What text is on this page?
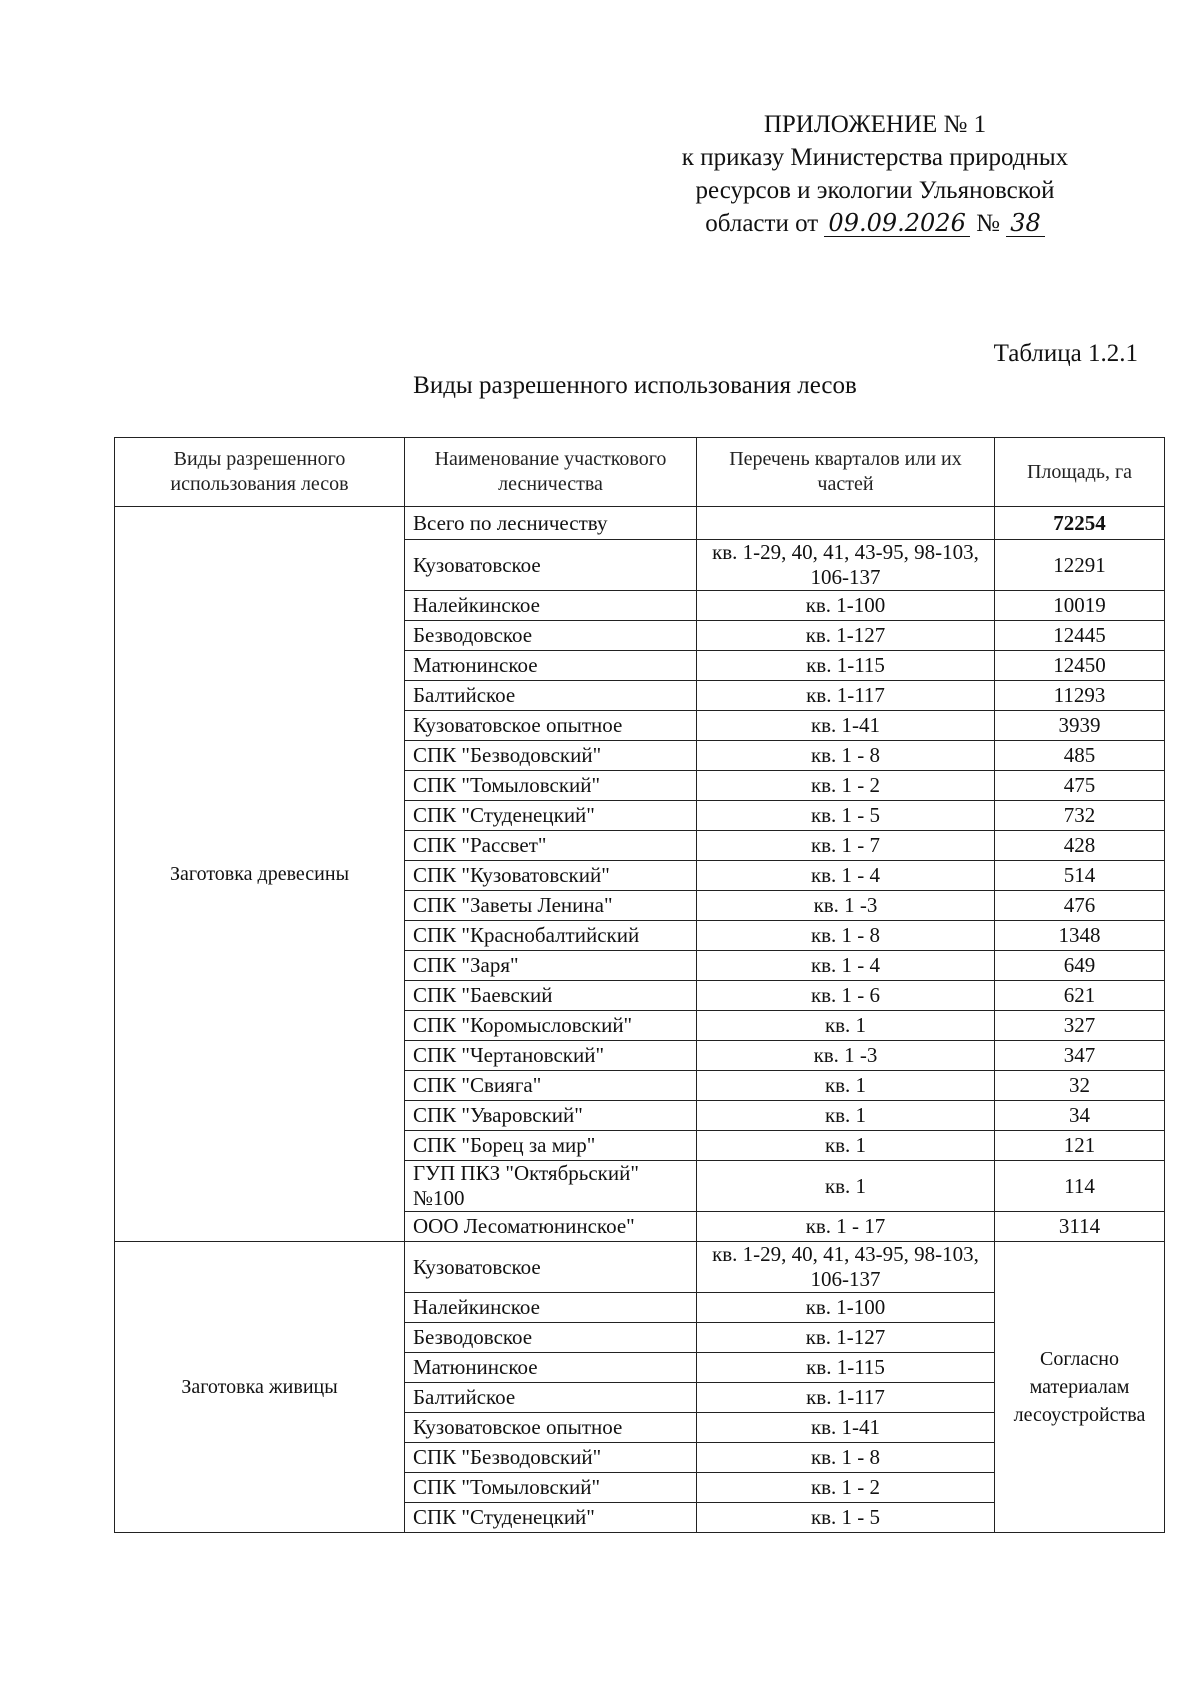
ПРИЛОЖЕНИЕ № 1
к приказу Министерства природных
ресурсов и экологии Ульяновской
области от 09.09.2026 № 38
Таблица 1.2.1
Виды разрешенного использования лесов
Виды разрешенного использования лесов	Наименование участкового лесничества	Перечень кварталов или их частей	Площадь, га
Заготовка древесины	Всего по лесничеству		72254
	Кузоватовское	кв. 1-29, 40, 41, 43-95, 98-103, 106-137	12291
	Налейкинское	кв. 1-100	10019
	Безводовское	кв. 1-127	12445
	Матюнинское	кв. 1-115	12450
	Балтийское	кв. 1-117	11293
	Кузоватовское опытное	кв. 1-41	3939
	СПК "Безводовский"	кв. 1 - 8	485
	СПК "Томыловский"	кв. 1 - 2	475
	СПК "Студенецкий"	кв. 1 - 5	732
	СПК "Рассвет"	кв. 1 - 7	428
	СПК "Кузоватовский"	кв. 1 - 4	514
	СПК "Заветы Ленина"	кв. 1 -3	476
	СПК "Краснобалтийский	кв. 1 - 8	1348
	СПК "Заря"	кв. 1 - 4	649
	СПК "Баевский	кв. 1 - 6	621
	СПК "Коромысловский"	кв. 1	327
	СПК "Чертановский"	кв. 1 -3	347
	СПК "Свияга"	кв. 1	32
	СПК "Уваровский"	кв. 1	34
	СПК "Борец за мир"	кв. 1	121
	ГУП ПКЗ "Октябрьский" №100	кв. 1	114
	ООО Лесоматюнинское"	кв. 1 - 17	3114
Заготовка живицы	Кузоватовское	кв. 1-29, 40, 41, 43-95, 98-103, 106-137	Согласно материалам лесоустройства
	Налейкинское	кв. 1-100	
	Безводовское	кв. 1-127	
	Матюнинское	кв. 1-115	
	Балтийское	кв. 1-117	
	Кузоватовское опытное	кв. 1-41	
	СПК "Безводовский"	кв. 1 - 8	
	СПК "Томыловский"	кв. 1 - 2	
	СПК "Студенецкий"	кв. 1 - 5	
